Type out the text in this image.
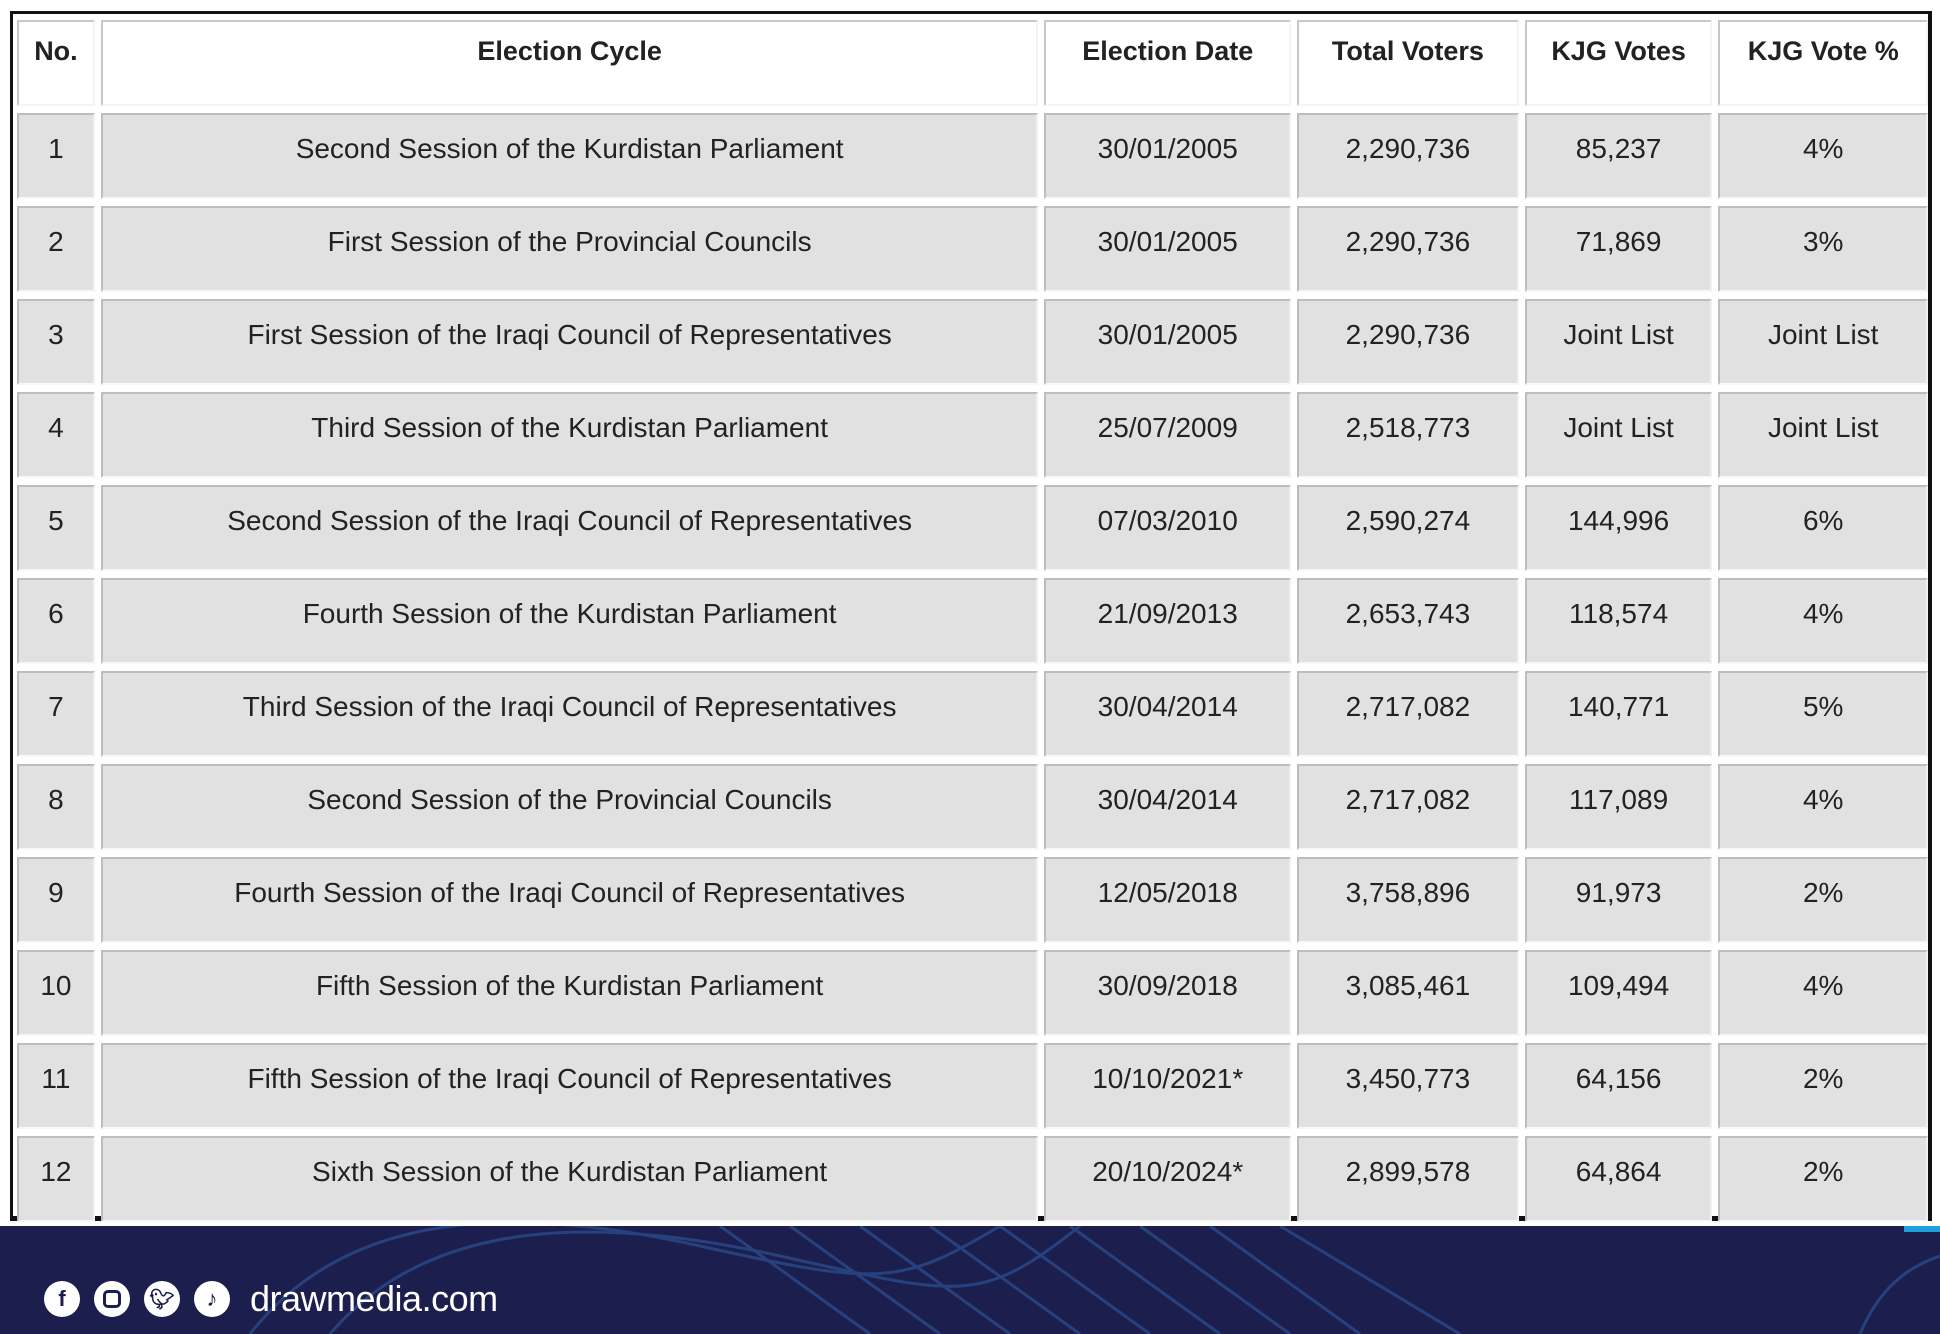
No.	Election Cycle	Election Date	Total Voters	KJG Votes	KJG Vote %
1	Second Session of the Kurdistan Parliament	30/01/2005	2,290,736	85,237	4%
2	First Session of the Provincial Councils	30/01/2005	2,290,736	71,869	3%
3	First Session of the Iraqi Council of Representatives	30/01/2005	2,290,736	Joint List	Joint List
4	Third Session of the Kurdistan Parliament	25/07/2009	2,518,773	Joint List	Joint List
5	Second Session of the Iraqi Council of Representatives	07/03/2010	2,590,274	144,996	6%
6	Fourth Session of the Kurdistan Parliament	21/09/2013	2,653,743	118,574	4%
7	Third Session of the Iraqi Council of Representatives	30/04/2014	2,717,082	140,771	5%
8	Second Session of the Provincial Councils	30/04/2014	2,717,082	117,089	4%
9	Fourth Session of the Iraqi Council of Representatives	12/05/2018	3,758,896	91,973	2%
10	Fifth Session of the Kurdistan Parliament	30/09/2018	3,085,461	109,494	4%
11	Fifth Session of the Iraqi Council of Representatives	10/10/2021*	3,450,773	64,156	2%
12	Sixth Session of the Kurdistan Parliament	20/10/2024*	2,899,578	64,864	2%
f	🐦︎	♪ drawmedia.com
